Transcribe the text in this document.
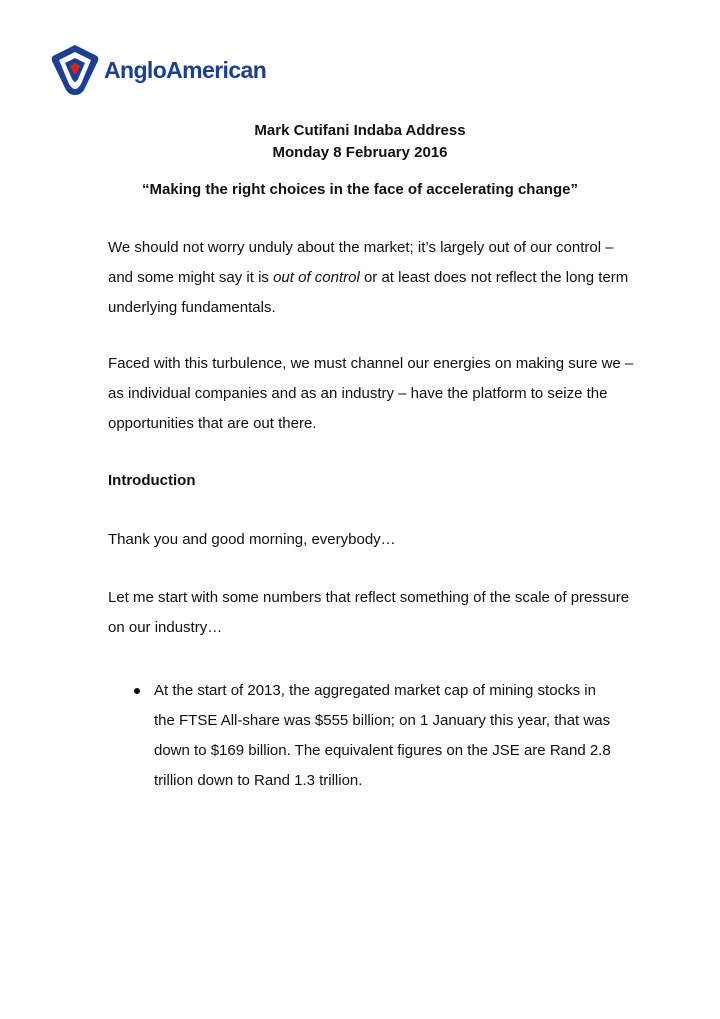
AngloAmerican
Mark Cutifani Indaba Address
Monday 8 February 2016
“Making the right choices in the face of accelerating change”

We should not worry unduly about the market; it’s largely out of our control – and some might say it is out of control or at least does not reflect the long term underlying fundamentals.

Faced with this turbulence, we must channel our energies on making sure we – as individual companies and as an industry – have the platform to seize the opportunities that are out there.

Introduction

Thank you and good morning, everybody…

Let me start with some numbers that reflect something of the scale of pressure on our industry…

At the start of 2013, the aggregated market cap of mining stocks in the FTSE All-share was $555 billion; on 1 January this year, that was down to $169 billion. The equivalent figures on the JSE are Rand 2.8 trillion down to Rand 1.3 trillion.
